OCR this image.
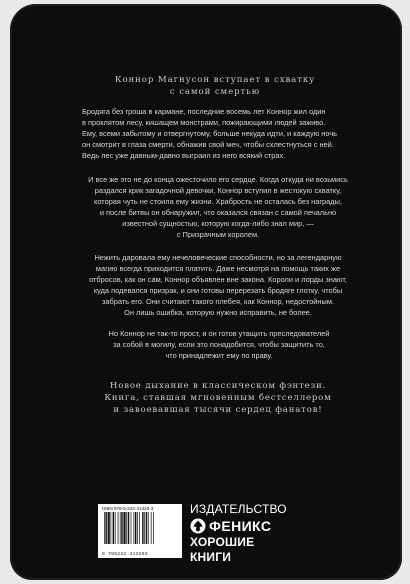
Коннор Магнусон вступает в схватку
с самой смертью

Бродяга без гроша в кармане, последние восемь лет Коннор жил один
в проклятом лесу, кишащем монстрами, пожирающими людей заживо.
Ему, всеми забытому и отвергнутому, больше некуда идти, и каждую ночь
он смотрит в глаза смерти, обнажив свой меч, чтобы схлестнуться с ней.
Ведь лес уже давным-давно выграил из него всякий страх.

И все же это не до конца ожесточило его сердце. Когда откуда ни возьмись
раздался крик загадочной девочки, Коннор вступил в жестокую схватку,
которая чуть не стоила ему жизни. Храбрость не осталась без награды,
и после битвы он обнаружил, что оказался связан с самой печально
известной сущностью, которую когда-либо знал мир, —
с Призрачным королем.

Нежить даровала ему нечеловеческие способности, но за легендарную
магию всегда приходится платить. Даже несмотря на помощь таких же
отбросов, как он сам, Коннор объявлен вне закона. Короли и лорды знают,
куда подевался призрак, и они готовы перерезать бродяге глотку, чтобы
забрать его. Они считают такого плебея, как Коннор, недостойным.
Он лишь ошибка, которую нужно исправить, не более.

Но Коннор не так-то прост, и он готов утащить преследователей
за собой в могилу, если это понадобится, чтобы защитить то,
что принадлежит ему по праву.

Новое дыхание в классическом фэнтези.
Книга, ставшая мгновенным бестселлером
и завоевавшая тысячи сердец фанатов!
ISBN 978-5-222-41320-3
9 785222 413203
ИЗДАТЕЛЬСТВО
ФЕНИКС
ХОРОШИЕ КНИГИ
